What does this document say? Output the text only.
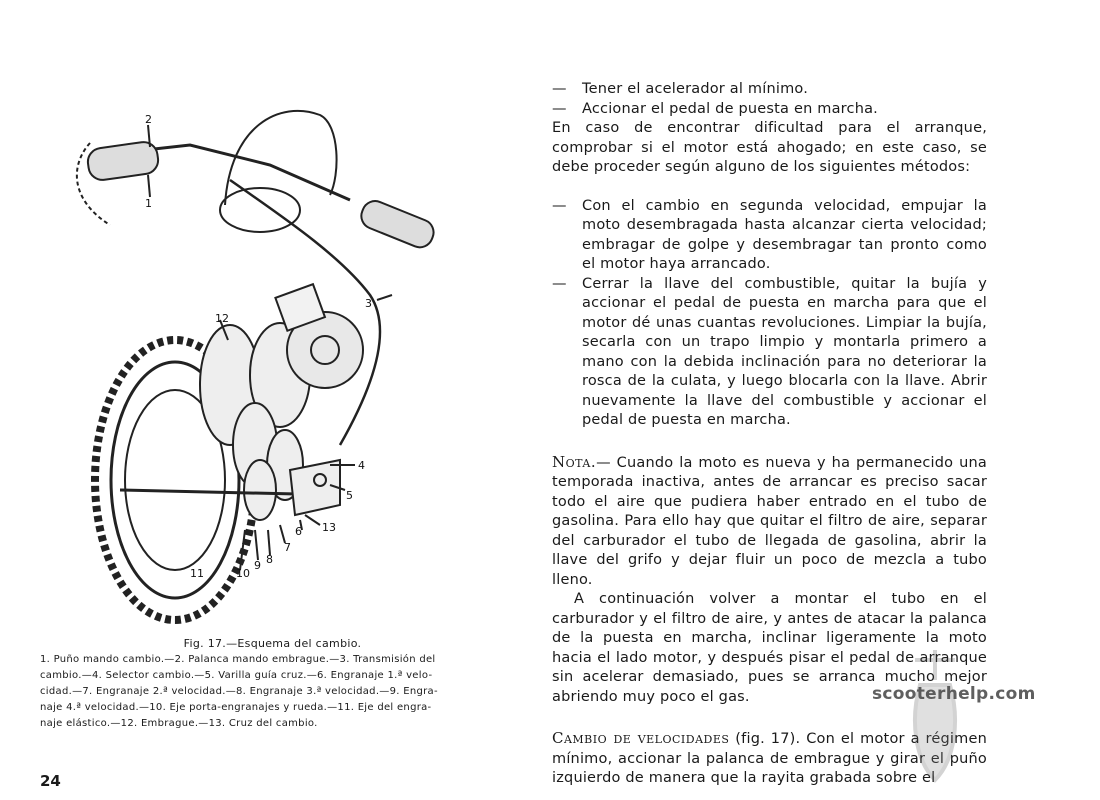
2
1
3
12
4
5
6 13
7
8
9
10
11
Fig. 17.—Esquema del cambio.
1. Puño mando cambio.—2. Palanca mando embrague.—3. Transmisión del
cambio.—4. Selector cambio.—5. Varilla guía cruz.—6. Engranaje 1.ª velo-
cidad.—7. Engranaje 2.ª velocidad.—8. Engranaje 3.ª velocidad.—9. Engra-
naje 4.ª velocidad.—10. Eje porta-engranajes y rueda.—11. Eje del engra-
naje elástico.—12. Embrague.—13. Cruz del cambio.
24

— Tener el acelerador al mínimo.

— Accionar el pedal de puesta en marcha.

En caso de encontrar dificultad para el arranque, comprobar si el motor está ahogado; en este caso, se debe proceder según alguno de los siguientes métodos:

— Con el cambio en segunda velocidad, empujar la moto desembragada hasta alcanzar cierta velocidad; embragar de golpe y desembragar tan pronto como el motor haya arrancado.

— Cerrar la llave del combustible, quitar la bujía y accionar el pedal de puesta en marcha para que el motor dé unas cuantas revoluciones. Limpiar la bujía, secarla con un trapo limpio y montarla primero a mano con la debida inclinación para no deteriorar la rosca de la culata, y luego blocarla con la llave. Abrir nuevamente la llave del combustible y accionar el pedal de puesta en marcha.

Nota.— Cuando la moto es nueva y ha permanecido una temporada inactiva, antes de arrancar es preciso sacar todo el aire que pudiera haber entrado en el tubo de gasolina. Para ello hay que quitar el filtro de aire, separar del carburador el tubo de llegada de gasolina, abrir la llave del grifo y dejar fluir un poco de mezcla a tubo lleno.

A continuación volver a montar el tubo en el carburador y el filtro de aire, y antes de atacar la palanca de la puesta en marcha, inclinar ligeramente la moto hacia el lado motor, y después pisar el pedal de arranque sin acelerar demasiado, pues se arranca mucho mejor abriendo muy poco el gas.

Cambio de velocidades (fig. 17). Con el motor a régimen mínimo, accionar la palanca de embrague y girar el puño izquierdo de manera que la rayita grabada sobre el

scooterhelp.com
